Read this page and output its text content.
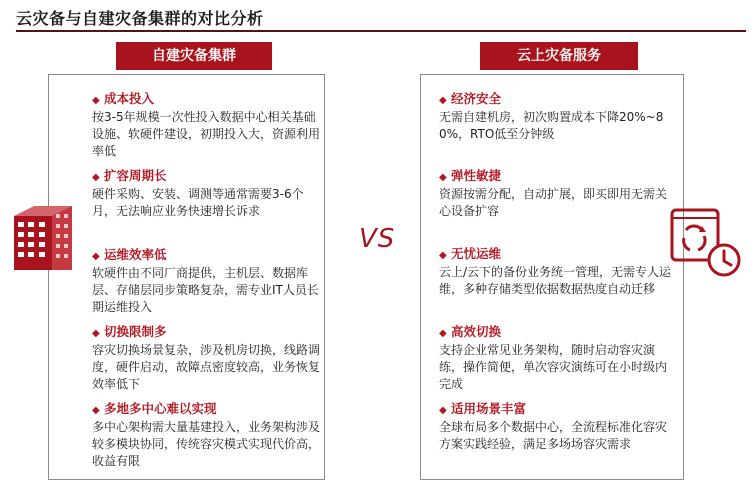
云灾备与自建灾备集群的对比分析
自建灾备集群	云上灾备服务
◆ 成本投入
按3-5年规模一次性投入数据中心相关基础设施、软硬件建设，初期投入大，资源利用率低
◆ 扩容周期长
硬件采购、安装、调测等通常需要3-6个月，无法响应业务快速增长诉求
◆ 运维效率低
软硬件由不同厂商提供，主机层、数据库层、存储层同步策略复杂，需专业IT人员长期运维投入
◆ 切换限制多
容灾切换场景复杂，涉及机房切换，线路调度，硬件启动，故障点密度较高，业务恢复效率低下
◆ 多地多中心难以实现
多中心架构需大量基建投入，业务架构涉及较多模块协同，传统容灾模式实现代价高，收益有限
◆ 经济安全
无需自建机房，初次购置成本下降20%~80%，RTO低至分钟级
◆ 弹性敏捷
资源按需分配，自动扩展，即买即用无需关心设备扩容
◆ 无忧运维
云上/云下的备份业务统一管理，无需专人运维，多种存储类型依据数据热度自动迁移
◆ 高效切换
支持企业常见业务架构，随时启动容灾演练，操作简便，单次容灾演练可在小时级内完成
◆ 适用场景丰富
全球布局多个数据中心，全流程标准化容灾方案实践经验，满足多场场容灾需求
VS
